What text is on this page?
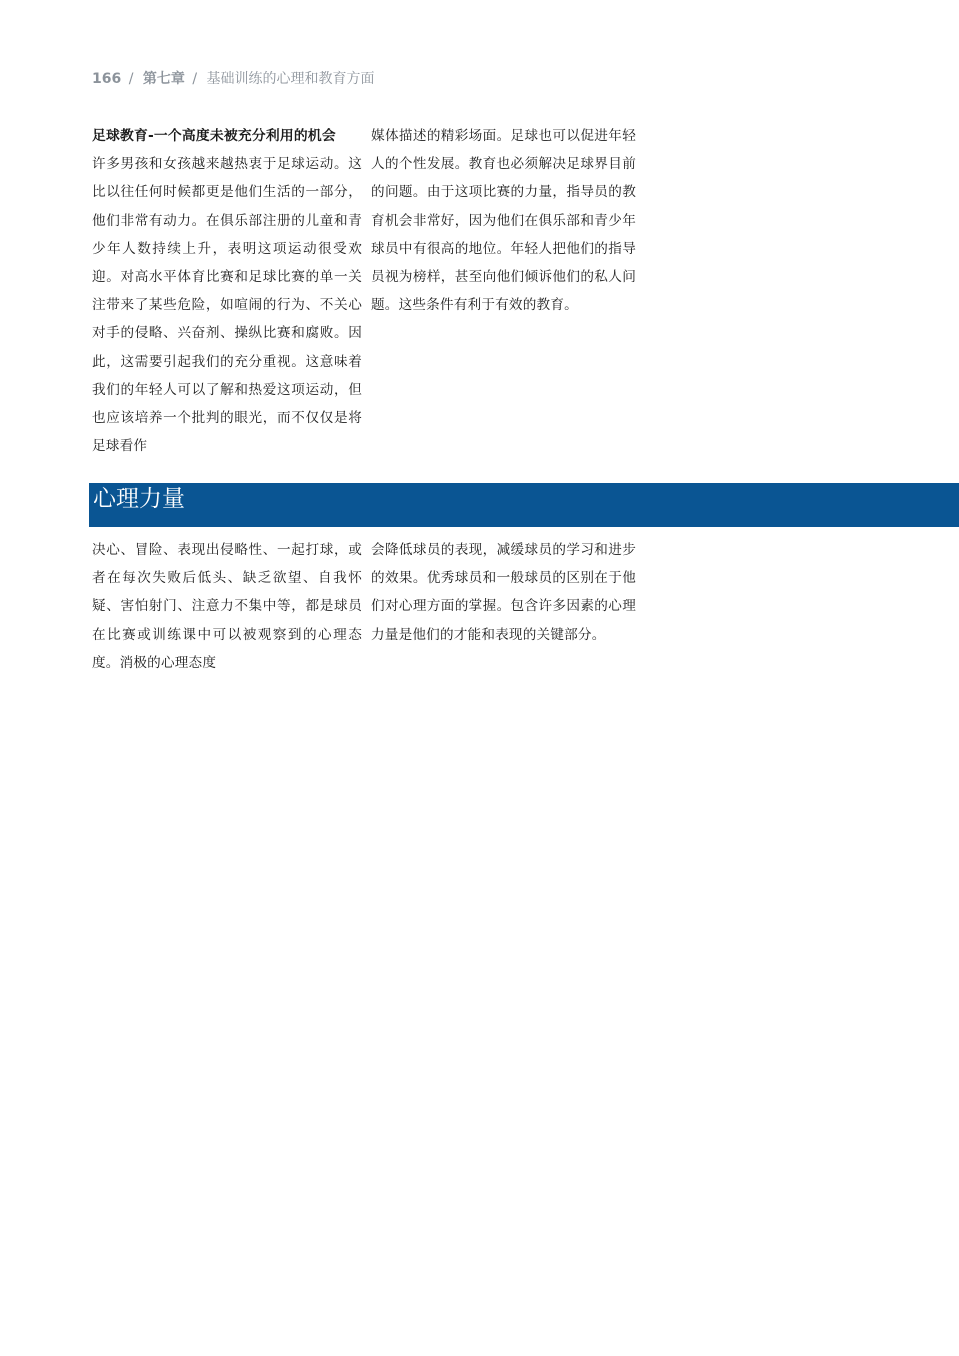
166 / 第七章 / 基础训练的心理和教育方面

足球教育-一个高度未被充分利用的机会

许多男孩和女孩越来越热衷于足球运动。这比以往任何时候都更是他们生活的一部分，他们非常有动力。在俱乐部注册的儿童和青少年人数持续上升，表明这项运动很受欢迎。对高水平体育比赛和足球比赛的单一关注带来了某些危险，如喧闹的行为、不关心对手的侵略、兴奋剂、操纵比赛和腐败。因此，这需要引起我们的充分重视。这意味着我们的年轻人可以了解和热爱这项运动，但也应该培养一个批判的眼光，而不仅仅是将足球看作

媒体描述的精彩场面。足球也可以促进年轻人的个性发展。教育也必须解决足球界目前的问题。由于这项比赛的力量，指导员的教育机会非常好，因为他们在俱乐部和青少年球员中有很高的地位。年轻人把他们的指导员视为榜样，甚至向他们倾诉他们的私人问题。这些条件有利于有效的教育。

心理力量

决心、冒险、表现出侵略性、一起打球，或者在每次失败后低头、缺乏欲望、自我怀疑、害怕射门、注意力不集中等，都是球员在比赛或训练课中可以被观察到的心理态度。消极的心理态度

会降低球员的表现，减缓球员的学习和进步的效果。优秀球员和一般球员的区别在于他们对心理方面的掌握。包含许多因素的心理力量是他们的才能和表现的关键部分。
